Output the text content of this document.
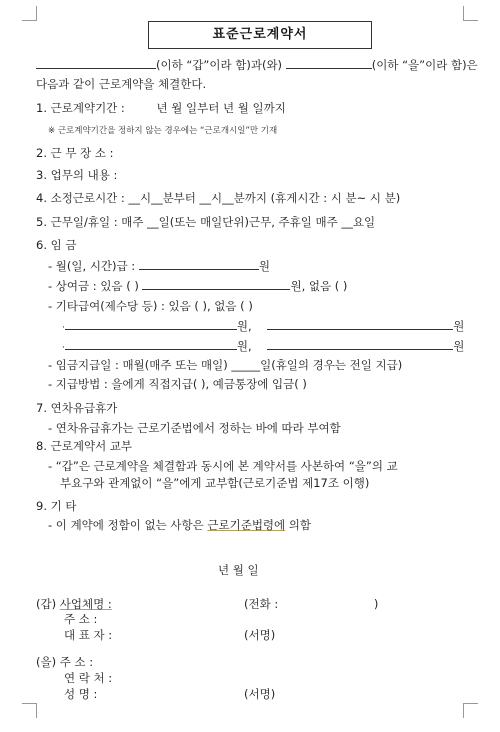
표준근로계약서
(이하 “갑”이라 함)과(와)	(이하 “을”이라 함)은
다음과 같이 근로계약을 체결한다.
1. 근로계약기간 :	년 월 일부터 년 월 일까지
※ 근로계약기간을 정하지 않는 경우에는 “근로개시일”만 기재
2. 근 무 장 소 :
3. 업무의 내용 :
4. 소정근로시간 : __시__분부터 __시__분까지 (휴게시간 : 시 분~ 시 분)
5. 근무일/휴일 : 매주 __일(또는 매일단위)근무, 주휴일 매주 __요일
6. 임 금
- 월(일, 시간)급 :	원
- 상여금 : 있음 ( )	원, 없음 ( )
- 기타급여(제수당 등) : 있음 ( ), 없음 ( )
·	원,	원
·	원,	원
- 임금지급일 : 매월(매주 또는 매일) _____일(휴일의 경우는 전일 지급)
- 지급방법 : 을에게 직접지급( ), 예금통장에 입금( )
7. 연차유급휴가
- 연차유급휴가는 근로기준법에서 정하는 바에 따라 부여함
8. 근로계약서 교부
- “갑”은 근로계약을 체결함과 동시에 본 계약서를 사본하여 “을”의 교
부요구와 관계없이 “을”에게 교부함(근로기준법 제17조 이행)
9. 기 타
- 이 계약에 정함이 없는 사항은 근로기준법령에 의함
년 월 일
(갑) 사업체명 :	(전화 :	)
주 소 :
대 표 자 :	(서명)
(을) 주 소 :
연 락 처 :
성 명 :	(서명)
